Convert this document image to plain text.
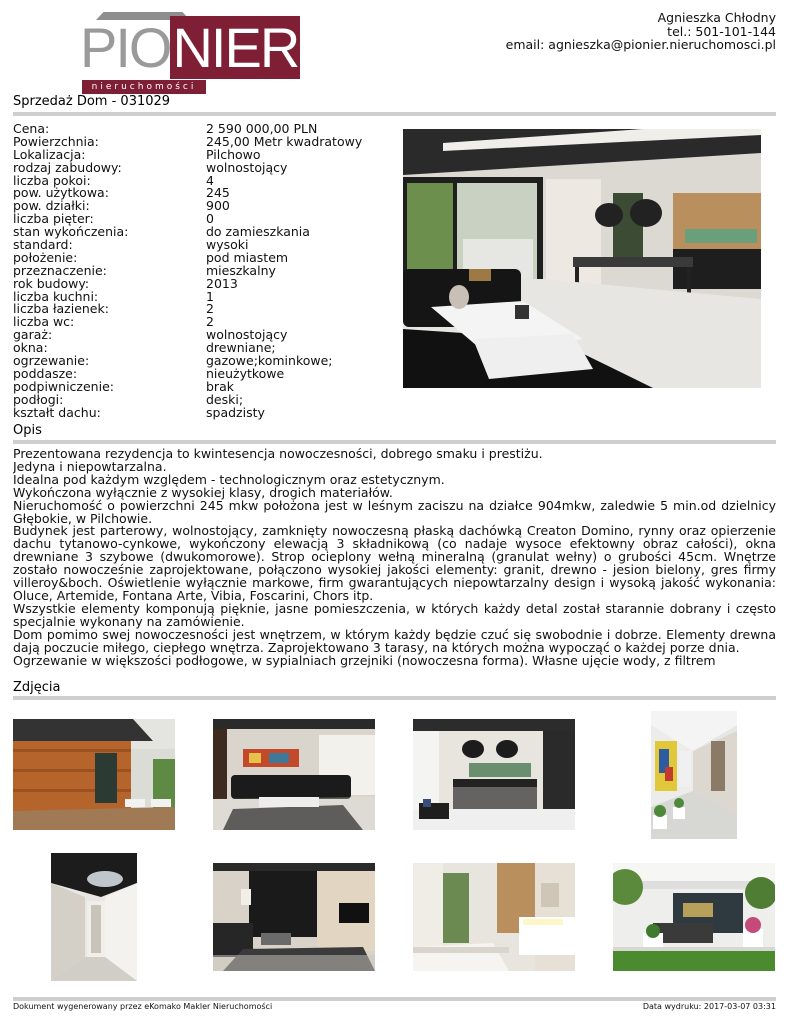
PIONIER
nieruchomości
Agnieszka Chłodny
tel.: 501-101-144
email: agnieszka@pionier.nieruchomosci.pl
Sprzedaż Dom - 031029
Cena:	2 590 000,00 PLN
Powierzchnia:	245,00 Metr kwadratowy
Lokalizacja:	Pilchowo
rodzaj zabudowy:	wolnostojący
liczba pokoi:	4
pow. użytkowa:	245
pow. działki:	900
liczba pięter:	0
stan wykończenia:	do zamieszkania
standard:	wysoki
położenie:	pod miastem
przeznaczenie:	mieszkalny
rok budowy:	2013
liczba kuchni:	1
liczba łazienek:	2
liczba wc:	2
garaż:	wolnostojący
okna:	drewniane;
ogrzewanie:	gazowe;kominkowe;
poddasze:	nieużytkowe
podpiwniczenie:	brak
podłogi:	deski;
kształt dachu:	spadzisty
Opis

Prezentowana rezydencja to kwintesencja nowoczesności, dobrego smaku i prestiżu.

Jedyna i niepowtarzalna.

Idealna pod każdym względem - technologicznym oraz estetycznym.

Wykończona wyłącznie z wysokiej klasy, drogich materiałów.

Nieruchomość o powierzchni 245 mkw położona jest w leśnym zaciszu na działce 904mkw, zaledwie 5 min.od dzielnicy Głębokie, w Pilchowie.

Budynek jest parterowy, wolnostojący, zamknięty nowoczesną płaską dachówką Creaton Domino, rynny oraz opierzenie dachu tytanowo-cynkowe, wykończony elewacją 3 składnikową (co nadaje wysoce efektowny obraz całości), okna drewniane 3 szybowe (dwukomorowe). Strop ocieplony wełną mineralną (granulat wełny) o grubości 45cm. Wnętrze zostało nowocześnie zaprojektowane, połączono wysokiej jakości elementy: granit, drewno - jesion bielony, gres firmy villeroy&boch. Oświetlenie wyłącznie markowe, firm gwarantujących niepowtarzalny design i wysoką jakość wykonania: Oluce, Artemide, Fontana Arte, Vibia, Foscarini, Chors itp.

Wszystkie elementy komponują pięknie, jasne pomieszczenia, w których każdy detal został starannie dobrany i często specjalnie wykonany na zamówienie.

Dom pomimo swej nowoczesności jest wnętrzem, w którym każdy będzie czuć się swobodnie i dobrze. Elementy drewna dają poczucie miłego, ciepłego wnętrza. Zaprojektowano 3 tarasy, na których można wypocząć o każdej porze dnia.

Ogrzewanie w większości podłogowe, w sypialniach grzejniki (nowoczesna forma). Własne ujęcie wody, z filtrem

Zdjęcia
Dokument wygenerowany przez eKomako Makler Nieruchomości	Data wydruku: 2017-03-07 03:31
